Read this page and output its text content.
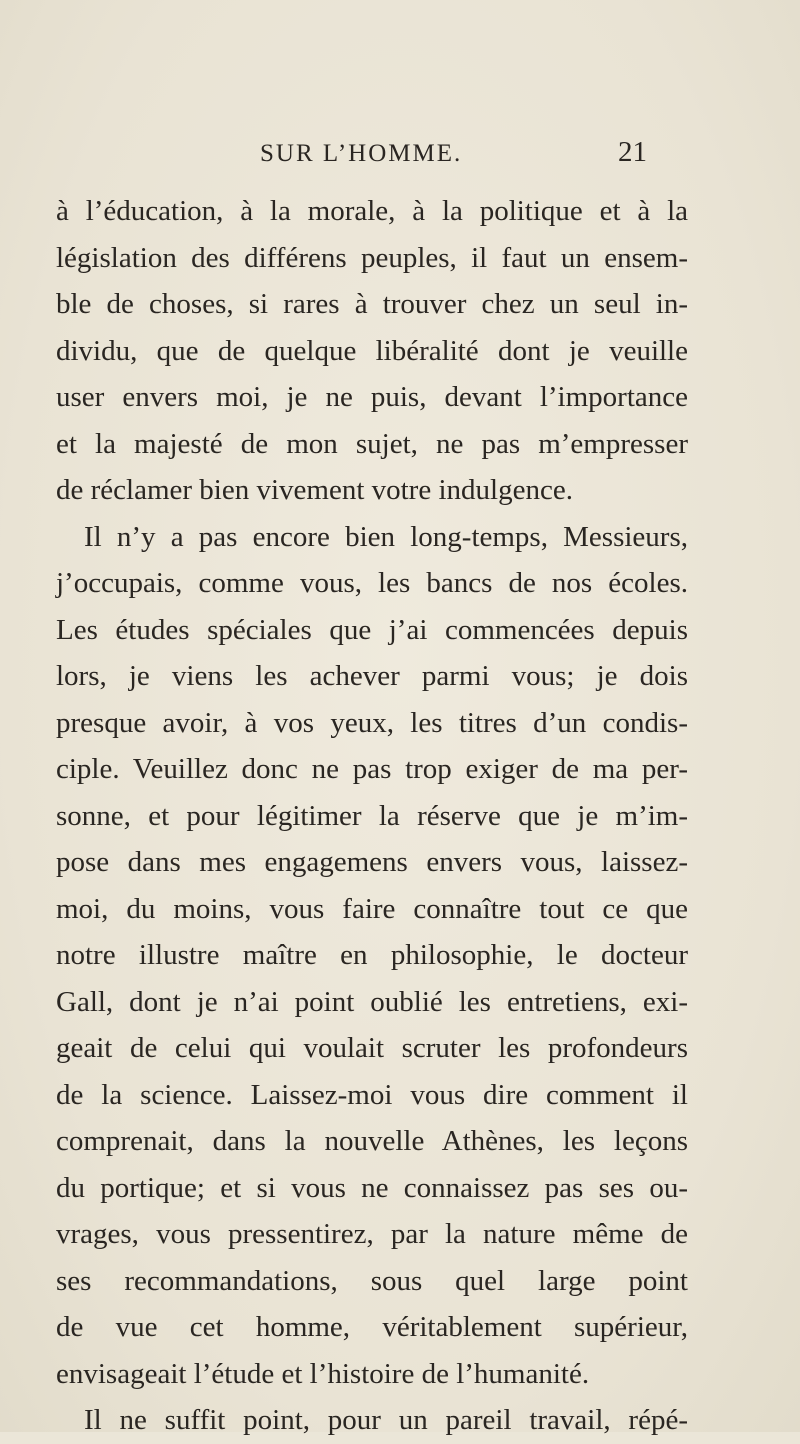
SUR L’HOMME.	21
à l’éducation, à la morale, à la politique et à la
législation des différens peuples, il faut un ensem-
ble de choses, si rares à trouver chez un seul in-
dividu, que de quelque libéralité dont je veuille
user envers moi, je ne puis, devant l’importance
et la majesté de mon sujet, ne pas m’empresser
de réclamer bien vivement votre indulgence.
Il n’y a pas encore bien long-temps, Messieurs,
j’occupais, comme vous, les bancs de nos écoles.
Les études spéciales que j’ai commencées depuis
lors, je viens les achever parmi vous; je dois
presque avoir, à vos yeux, les titres d’un condis-
ciple. Veuillez donc ne pas trop exiger de ma per-
sonne, et pour légitimer la réserve que je m’im-
pose dans mes engagemens envers vous, laissez-
moi, du moins, vous faire connaître tout ce que
notre illustre maître en philosophie, le docteur
Gall, dont je n’ai point oublié les entretiens, exi-
geait de celui qui voulait scruter les profondeurs
de la science. Laissez-moi vous dire comment il
comprenait, dans la nouvelle Athènes, les leçons
du portique; et si vous ne connaissez pas ses ou-
vrages, vous pressentirez, par la nature même de
ses recommandations, sous quel large point
de vue cet homme, véritablement supérieur,
envisageait l’étude et l’histoire de l’humanité.
Il ne suffit point, pour un pareil travail, répé-
